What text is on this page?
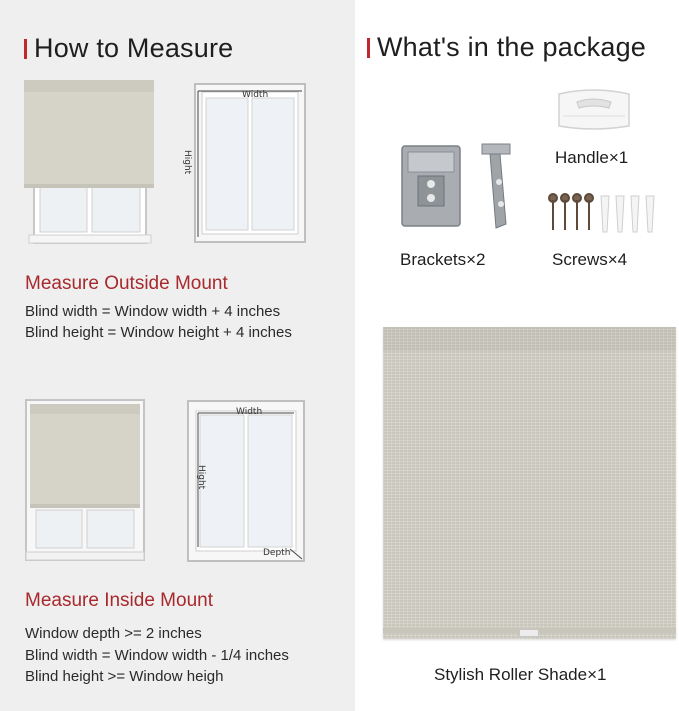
How to Measure
Width
Hight
Measure Outside Mount
Blind width = Window width + 4 inches
Blind height = Window height + 4 inches
Width
Hight
Depth
Measure Inside Mount
Window depth >= 2 inches
Blind width = Window width - 1/4 inches
Blind height >= Window heigh
What's in the package
Handle×1
Brackets×2	Screws×4
Stylish Roller Shade×1
